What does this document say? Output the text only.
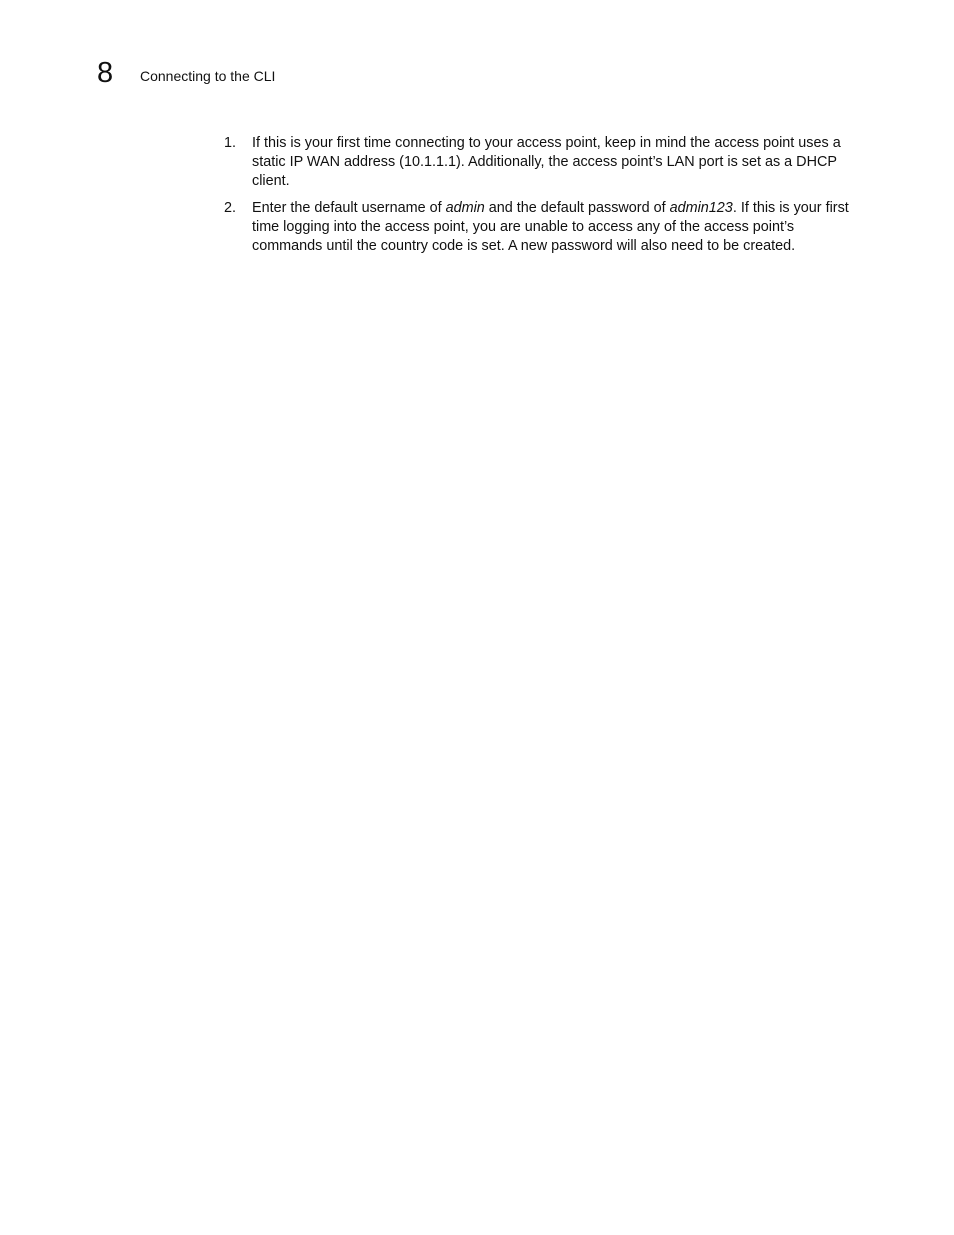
8	Connecting to the CLI
1.	If this is your first time connecting to your access point, keep in mind the access point uses a static IP WAN address (10.1.1.1). Additionally, the access point’s LAN port is set as a DHCP client.
2.	Enter the default username of admin and the default password of admin123. If this is your first time logging into the access point, you are unable to access any of the access point’s commands until the country code is set. A new password will also need to be created.
